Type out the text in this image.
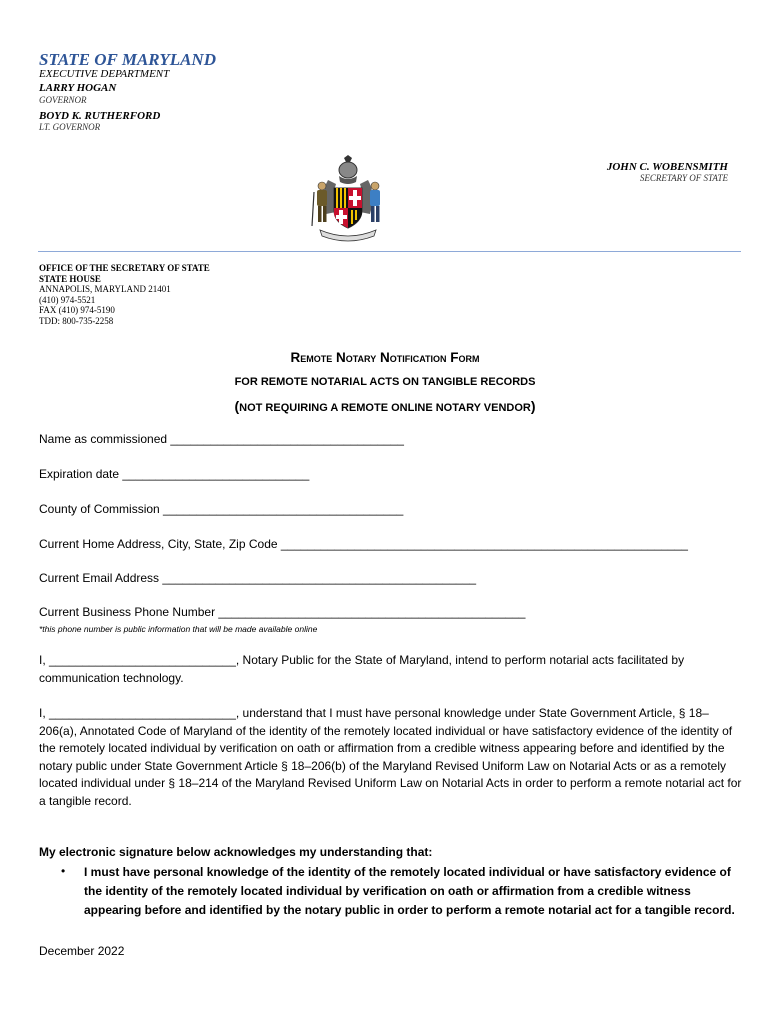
STATE OF MARYLAND
EXECUTIVE DEPARTMENT
LARRY HOGAN
GOVERNOR
BOYD K. RUTHERFORD
LT. GOVERNOR
JOHN C. WOBENSMITH
SECRETARY OF STATE
OFFICE OF THE SECRETARY OF STATE
STATE HOUSE
ANNAPOLIS, MARYLAND 21401
(410) 974-5521
FAX (410) 974-5190
TDD: 800-735-2258
Remote Notary Notification Form
FOR REMOTE NOTARIAL ACTS ON TANGIBLE RECORDS
(NOT REQUIRING A REMOTE ONLINE NOTARY VENDOR)
Name as commissioned ___________________________________
Expiration date ____________________________
County of Commission ____________________________________
Current Home Address, City, State, Zip Code _____________________________________________________________
Current Email Address _______________________________________________
Current Business Phone Number ______________________________________________
*this phone number is public information that will be made available online
I, ____________________________, Notary Public for the State of Maryland, intend to perform notarial acts facilitated by communication technology.
I, ____________________________, understand that I must have personal knowledge under State Government Article, § 18–206(a), Annotated Code of Maryland of the identity of the remotely located individual or have satisfactory evidence of the identity of the remotely located individual by verification on oath or affirmation from a credible witness appearing before and identified by the notary public under State Government Article § 18–206(b) of the Maryland Revised Uniform Law on Notarial Acts or as a remotely located individual under § 18–214 of the Maryland Revised Uniform Law on Notarial Acts in order to perform a remote notarial act for a tangible record.
My electronic signature below acknowledges my understanding that:
• I must have personal knowledge of the identity of the remotely located individual or have satisfactory evidence of the identity of the remotely located individual by verification on oath or affirmation from a credible witness appearing before and identified by the notary public in order to perform a remote notarial act for a tangible record.
December 2022
